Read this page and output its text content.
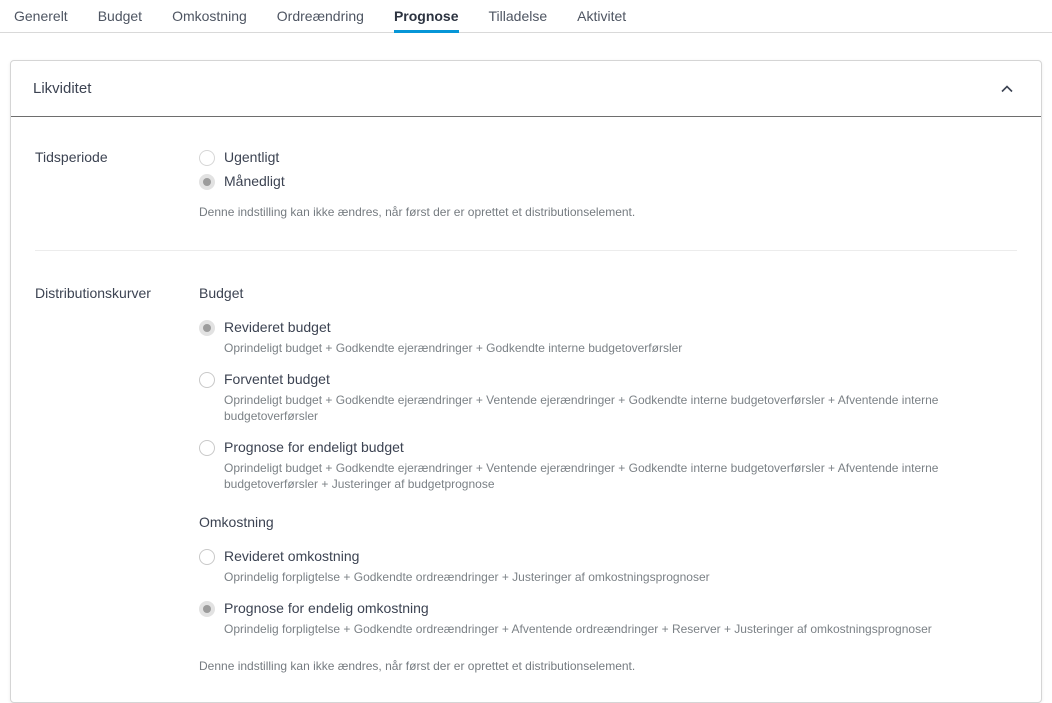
Generelt Budget Omkostning Ordreændring Prognose Tilladelse Aktivitet
Likviditet
Tidsperiode	Ugentligt
Månedligt

Denne indstilling kan ikke ændres, når først der er oprettet et distributionselement.

Distributionskurver	Budget
Revideret budget

Oprindeligt budget + Godkendte ejerændringer + Godkendte interne budgetoverførsler

Forventet budget

Oprindeligt budget + Godkendte ejerændringer + Ventende ejerændringer + Godkendte interne budgetoverførsler + Afventende interne budgetoverførsler

Prognose for endeligt budget

Oprindeligt budget + Godkendte ejerændringer + Ventende ejerændringer + Godkendte interne budgetoverførsler + Afventende interne budgetoverførsler + Justeringer af budgetprognose

Omkostning
Revideret omkostning

Oprindelig forpligtelse + Godkendte ordreændringer + Justeringer af omkostningsprognoser

Prognose for endelig omkostning

Oprindelig forpligtelse + Godkendte ordreændringer + Afventende ordreændringer + Reserver + Justeringer af omkostningsprognoser

Denne indstilling kan ikke ændres, når først der er oprettet et distributionselement.
